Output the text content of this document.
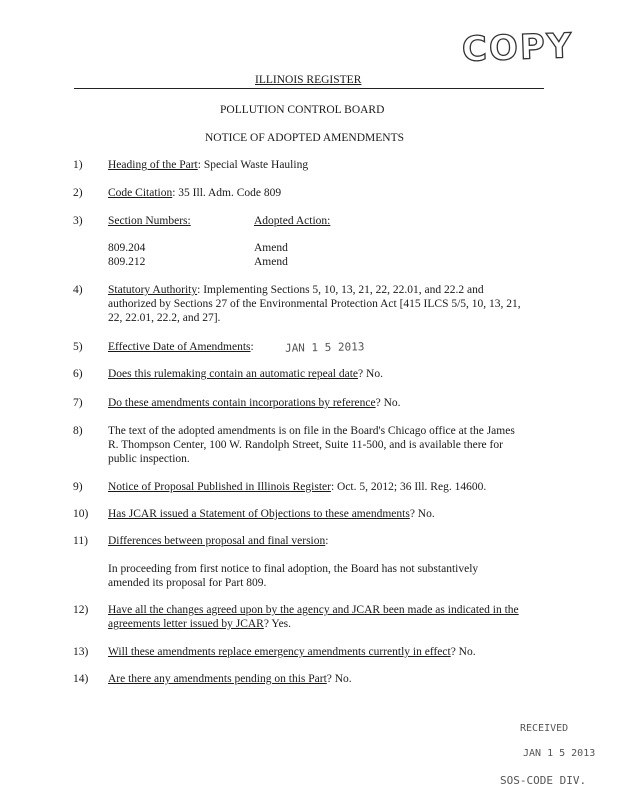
COPY
ILLINOIS REGISTER
POLLUTION CONTROL BOARD
NOTICE OF ADOPTED AMENDMENTS
1) Heading of the Part: Special Waste Hauling
2) Code Citation: 35 Ill. Adm. Code 809
3) Section Numbers:	Adopted Action:
809.204	Amend
809.212	Amend
4) Statutory Authority: Implementing Sections 5, 10, 13, 21, 22, 22.01, and 22.2 and
authorized by Sections 27 of the Environmental Protection Act [415 ILCS 5/5, 10, 13, 21,
22, 22.01, 22.2, and 27].
5) Effective Date of Amendments:	JAN 1 5 2013
6) Does this rulemaking contain an automatic repeal date? No.
7) Do these amendments contain incorporations by reference? No.
8) The text of the adopted amendments is on file in the Board's Chicago office at the James
R. Thompson Center, 100 W. Randolph Street, Suite 11-500, and is available there for
public inspection.
9) Notice of Proposal Published in Illinois Register: Oct. 5, 2012; 36 Ill. Reg. 14600.
10) Has JCAR issued a Statement of Objections to these amendments? No.
11) Differences between proposal and final version:
In proceeding from first notice to final adoption, the Board has not substantively
amended its proposal for Part 809.
12) Have all the changes agreed upon by the agency and JCAR been made as indicated in the
agreements letter issued by JCAR? Yes.
13) Will these amendments replace emergency amendments currently in effect? No.
14) Are there any amendments pending on this Part? No.
RECEIVED
JAN 1 5 2013
SOS-CODE DIV.
